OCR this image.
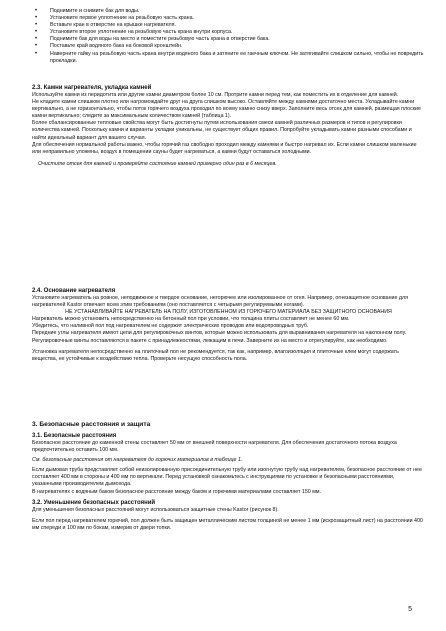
• Поднимите и снимите бак для воды.
• Установите первое уплотнение на резьбовую часть крана.
• Вставьте кран в отверстие на крышке нагревателя.
• Установите второе уплотнение на резьбовую часть крана внутри корпуса.
• Поднимите бак для воды на место и поместите резьбовую часть крана в отверстие бака.
• Поставьте край водяного бака на боковой кронштейн.
• Наверните гайку на резьбовую часть крана внутри водяного бака и затяните ее гаечным ключом. Не затягивайте слишком сильно, чтобы не повредить прокладки.
2.3. Камни нагревателя, укладка камней

Используйте камни из перидотита или другие камни диаметром более 10 см. Протрите камни перед тем, как поместить их в отделение для камней.

Не кладите камни слишком плотно или нагромождайте друг на друга слишком высоко. Оставляйте между камнями достаточно места. Укладывайте камни вертикально, а не горизонтально, чтобы поток горячего воздуха проходил по всему камню снизу вверх. Заполните весь отсек для камней, размещая плоские камни вертикально; следите за максимальным количеством камней (таблица 1).

Более сбалансированные тепловые свойства могут быть достигнуты путем использования смеси камней различных размеров и типов и регулировки количества камней. Поскольку камни и варианты укладки уникальны, не существует общих правил. Попробуйте укладывать камни разными способами и найти идеальный вариант для вашего случая.

Для обеспечения нормальной работы важно, чтобы горячий газ свободно проходил между камнями и быстро нагревал их. Если камни слишком маленькие или неправильно уложены, воздух в помещении сауны будет нагреваться, а камни будут оставаться холодными.

Очистите отсек для камней и проверяйте состояние камней примерно один раз в 6 месяцев.

2.4. Основание нагревателя

Установите нагреватель на ровное, неподвижное и твердое основание, негорючее или изолированное от огня. Например, огнезащитное основание для нагревателей Kastor отвечает всем этим требованиям (оно поставляется с четырьмя регулируемыми ногами).

НЕ УСТАНАВЛИВАЙТЕ НАГРЕВАТЕЛЬ НА ПОЛУ, ИЗГОТОВЛЕННОМ ИЗ ГОРЮЧЕГО МАТЕРИАЛА БЕЗ ЗАЩИТНОГО ОСНОВАНИЯ

Нагреватель можно установить непосредственно на бетонный пол при условии, что толщина плиты составляет не менее 60 мм.

Убедитесь, что наливной пол под нагревателем не содержит электрических проводов или водопроводных труб.

Передние углы нагревателя имеют цепи для регулировочных винтов, которые можно использовать для выравнивания нагревателя на наклонном полу.

Регулировочные винты поставляются в пакете с принадлежностями, лежащим в печи. Заверните их на место и отрегулируйте, как необходимо.

Установка нагревателя непосредственно на плиточный пол не рекомендуется, так как, например, влагоизоляция и плиточные клеи могут содержать вещества, не устойчивые к воздействию тепла. Проверьте несущую способность пола.

3. Безопасные расстояния и защита
3.1. Безопасные расстояния

Безопасное расстояние до каменной стены составляет 50 мм от внешней поверхности нагревателя. Для обеспечения достаточного потока воздуха предпочтительно оставить 100 мм.

См. безопасные расстояния от нагревателя до горючих материалов в таблице 1.

Если дымовая труба представляет собой неизолированную присоединительную трубу или изогнутую трубу над нагревателем, безопасное расстояние от нее составляет 400 мм в стороны и 400 мм по вертикали. Перед установкой ознакомьтесь с инструкциями по установке и безопасными расстояниями, указанными производителем дымохода.

В нагревателях с водяным баком безопасное расстояние между баком и горючими материалами составляет 150 мм.

3.2. Уменьшение безопасных расстояний

Для уменьшения безопасных расстояний могут использоваться защитные стены Kastor (рисунок 8).

Если пол перед нагревателем горючий, пол должен быть защищен металлическим листом толщиной не менее 1 мм (искрозащитный лист) на расстоянии 400 мм спереди и 100 мм по бокам, измерив от двери топки.

5
